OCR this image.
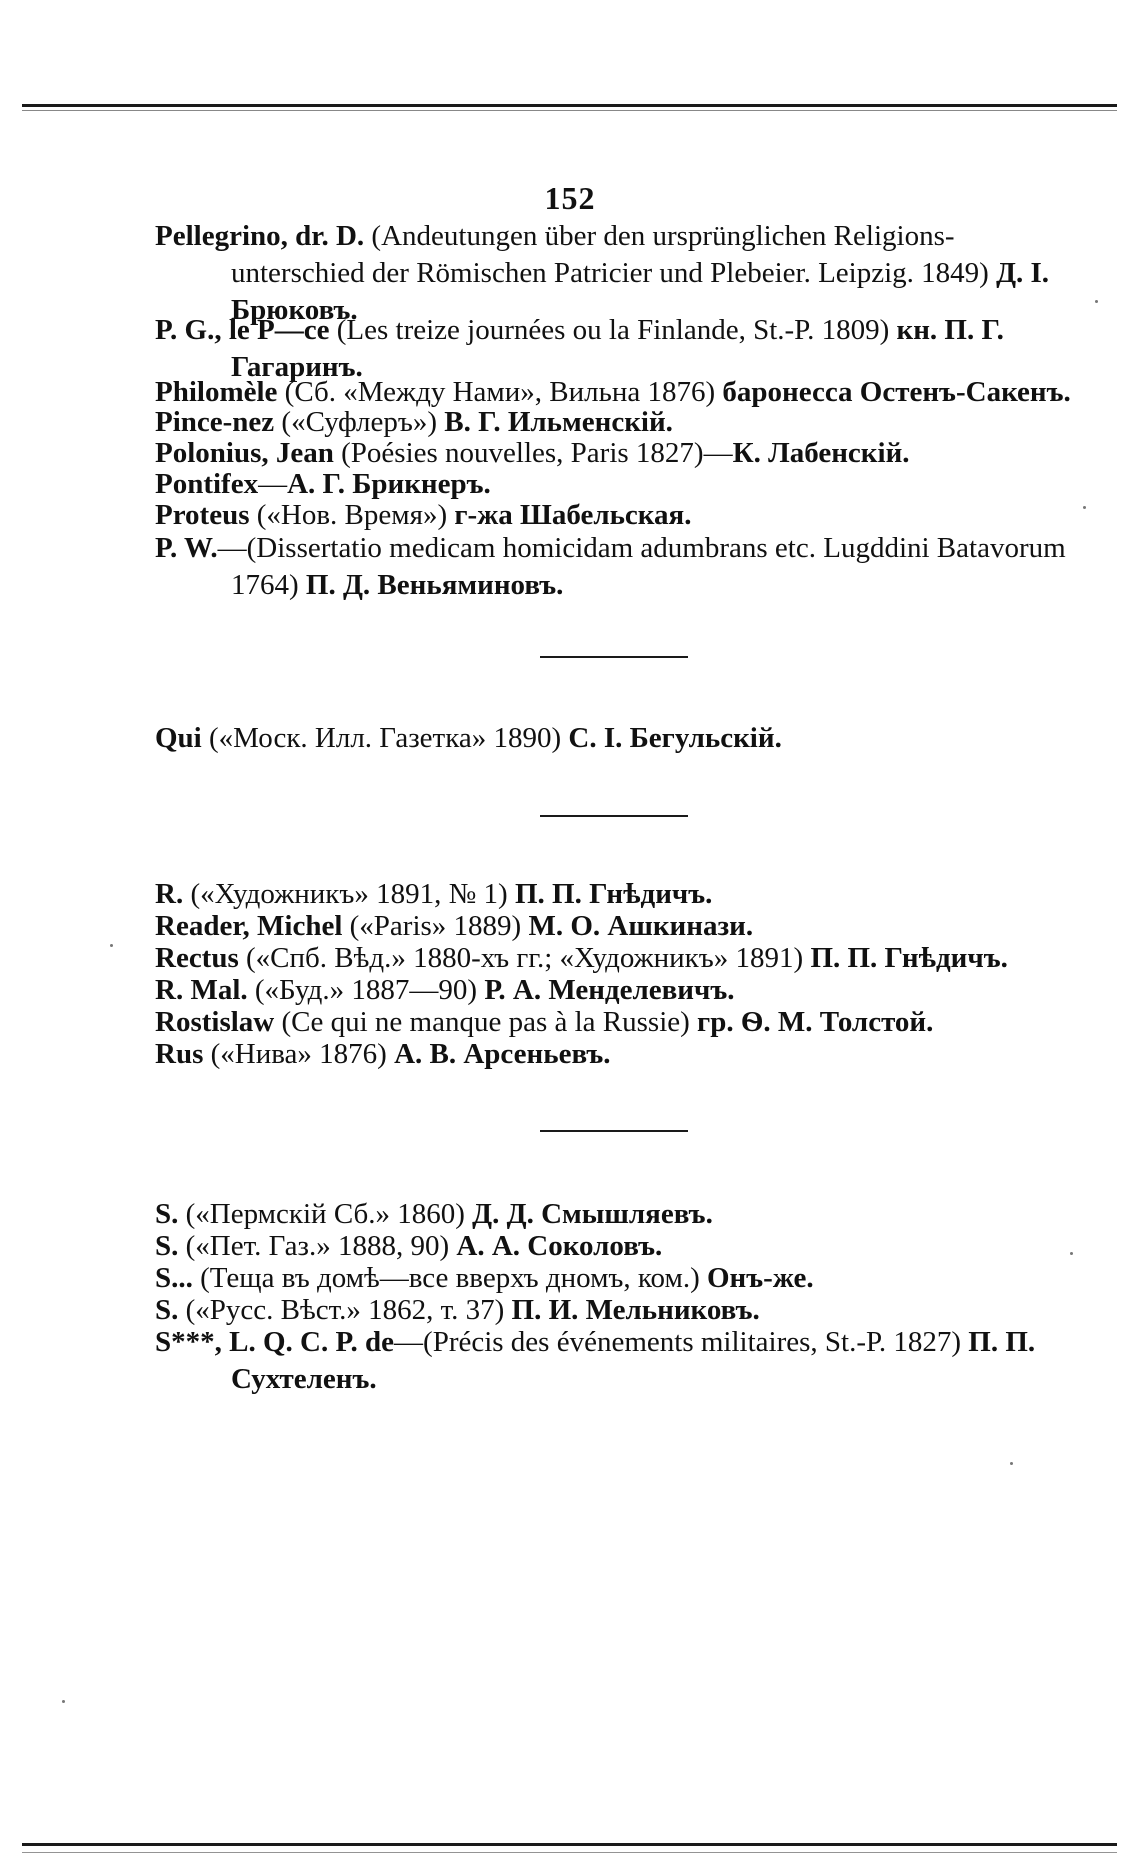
152
Pellegrino, dr. D. (Andeutungen über den ursprünglichen Religions-unterschied der Römischen Patricier und Plebeier. Leipzig. 1849) Д. І. Брюковъ.
P. G., le P—ce (Les treize journées ou la Finlande, St.-P. 1809) кн. П. Г. Гагаринъ.
Philomèle (Сб. «Между Нами», Вильна 1876) баронесса Остенъ-Сакенъ.
Pince-nez («Суфлеръ») В. Г. Ильменскій.
Polonius, Jean (Poésies nouvelles, Paris 1827)—К. Лабенскій.
Pontifex—А. Г. Брикнеръ.
Proteus («Нов. Время») г-жа Шабельская.
P. W.—(Dissertatio medicam homicidam adumbrans etc. Lugddini Batavorum 1764) П. Д. Веньяминовъ.
Qui («Моск. Илл. Газетка» 1890) С. І. Бегульскій.
R. («Художникъ» 1891, № 1) П. П. Гнѣдичъ.
Reader, Michel («Paris» 1889) М. О. Ашкинази.
Rectus («Спб. Вѣд.» 1880-хъ гг.; «Художникъ» 1891) П. П. Гнѣдичъ.
R. Mal. («Буд.» 1887—90) Р. А. Менделевичъ.
Rostislaw (Ce qui ne manque pas à la Russie) гр. Ѳ. М. Толстой.
Rus («Нива» 1876) А. В. Арсеньевъ.
S. («Пермскій Сб.» 1860) Д. Д. Смышляевъ.
S. («Пет. Газ.» 1888, 90) А. А. Соколовъ.
S... (Теща въ домѣ—все вверхъ дномъ, ком.) Онъ-же.
S. («Русс. Вѣст.» 1862, т. 37) П. И. Мельниковъ.
S***, L. Q. C. P. de—(Précis des événements militaires, St.-P. 1827) П. П. Сухтеленъ.
